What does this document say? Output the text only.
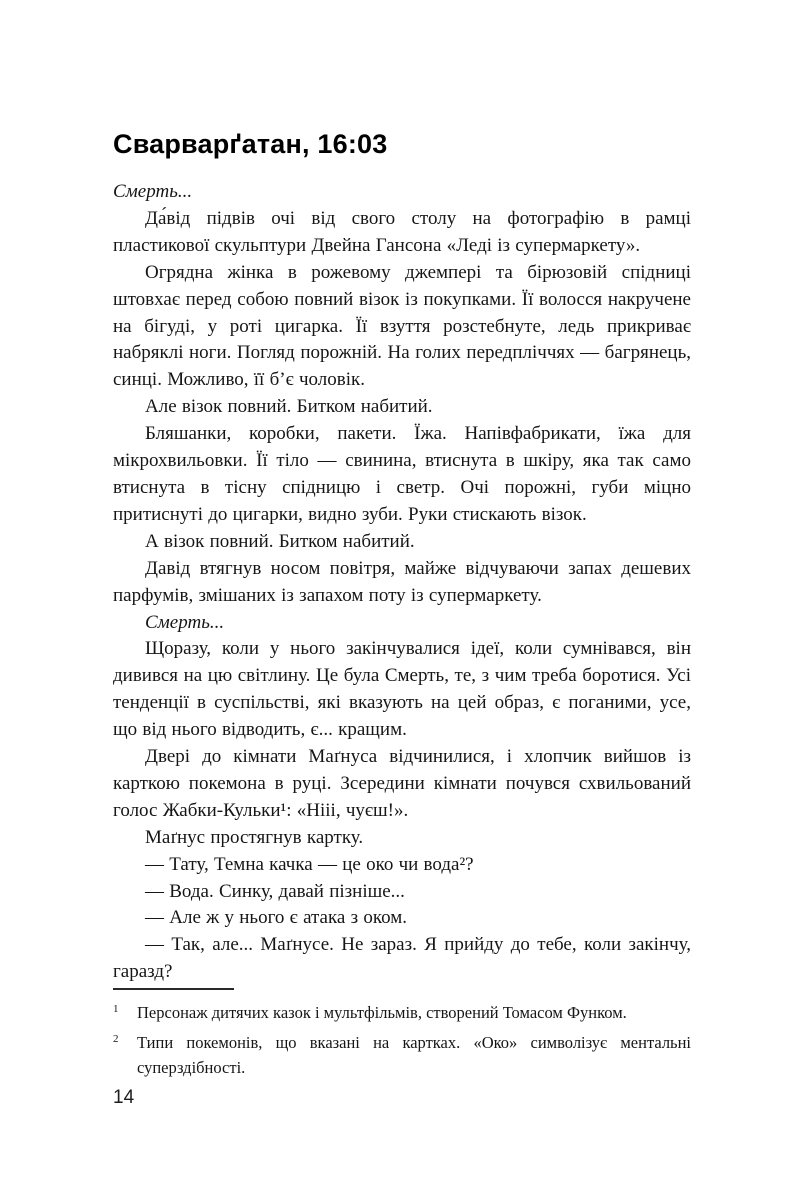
Сварварґатан, 16:03

Смерть...

Да́від підвів очі від свого столу на фотографію в рамці пластикової скульптури Двейна Гансона «Леді із супермаркету».

Огрядна жінка в рожевому джемпері та бірюзовій спідниці штовхає перед собою повний візок із покупками. Її волосся накручене на бігуді, у роті цигарка. Її взуття розстебнуте, ледь прикриває набряклі ноги. Погляд порожній. На голих передпліччях — багрянець, синці. Можливо, її б’є чоловік.

Але візок повний. Битком набитий.

Бляшанки, коробки, пакети. Їжа. Напівфабрикати, їжа для мікрохвильовки. Її тіло — свинина, втиснута в шкіру, яка так само втиснута в тісну спідницю і светр. Очі порожні, губи міцно притиснуті до цигарки, видно зуби. Руки стискають візок.

А візок повний. Битком набитий.

Давід втягнув носом повітря, майже відчуваючи запах дешевих парфумів, змішаних із запахом поту із супермаркету.

Смерть...

Щоразу, коли у нього закінчувалися ідеї, коли сумнівався, він дивився на цю світлину. Це була Смерть, те, з чим треба боротися. Усі тенденції в суспільстві, які вказують на цей образ, є поганими, усе, що від нього відводить, є... кращим.

Двері до кімнати Маґнуса відчинилися, і хлопчик вийшов із карткою покемона в руці. Зсередини кімнати почувся схвильований голос Жабки-Кульки¹: «Нііі, чуєш!».

Маґнус простягнув картку.

— Тату, Темна качка — це око чи вода²?

— Вода. Синку, давай пізніше...

— Але ж у нього є атака з оком.

— Так, але... Маґнусе. Не зараз. Я прийду до тебе, коли закінчу, гаразд?

1	Персонаж дитячих казок і мультфільмів, створений Томасом Функом.
2	Типи покемонів, що вказані на картках. «Око» символізує ментальні суперздібності.
14
